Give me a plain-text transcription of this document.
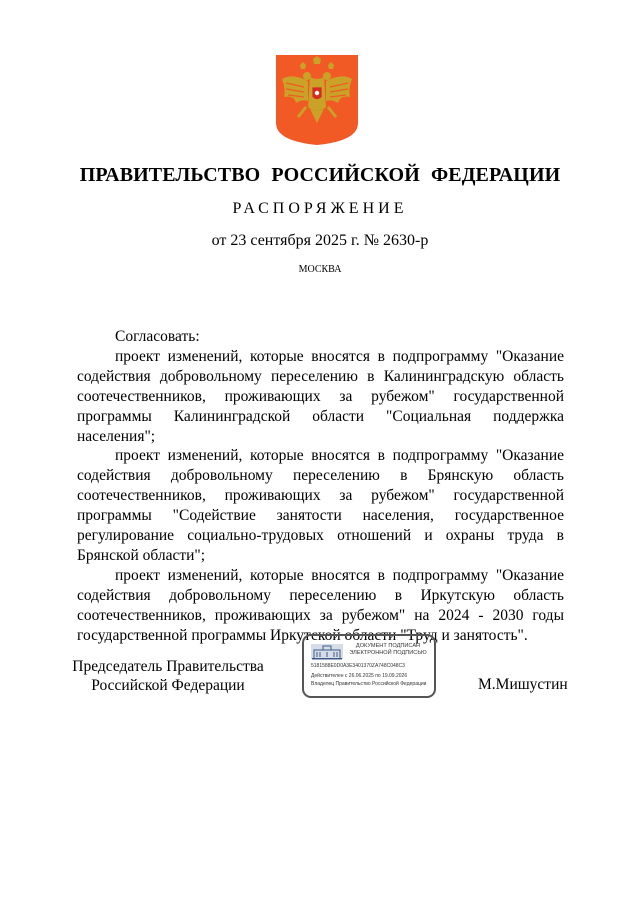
ПРАВИТЕЛЬСТВО РОССИЙСКОЙ ФЕДЕРАЦИИ
РАСПОРЯЖЕНИЕ
от 23 сентября 2025 г. № 2630-р
МОСКВА

Согласовать:

проект изменений, которые вносятся в подпрограмму "Оказание содействия добровольному переселению в Калининградскую область соотечественников, проживающих за рубежом" государственной программы Калининградской области "Социальная поддержка населения";

проект изменений, которые вносятся в подпрограмму "Оказание содействия добровольному переселению в Брянскую область соотечественников, проживающих за рубежом" государственной программы "Содействие занятости населения, государственное регулирование социально-трудовых отношений и охраны труда в Брянской области";

проект изменений, которые вносятся в подпрограмму "Оказание содействия добровольному переселению в Иркутскую область соотечественников, проживающих за рубежом" на 2024 - 2030 годы государственной программы Иркутской области "Труд и занятость".

Председатель Правительства
Российской Федерации
ДОКУМЕНТ ПОДПИСАН
ЭЛЕКТРОННОЙ ПОДПИСЬЮ
5181588E0D0A3E3401370ZA748C048C3
Действителен с 26.06.2025 по 19.09.2026
Владелец Правительство Российской Федерации	М.Мишустин
